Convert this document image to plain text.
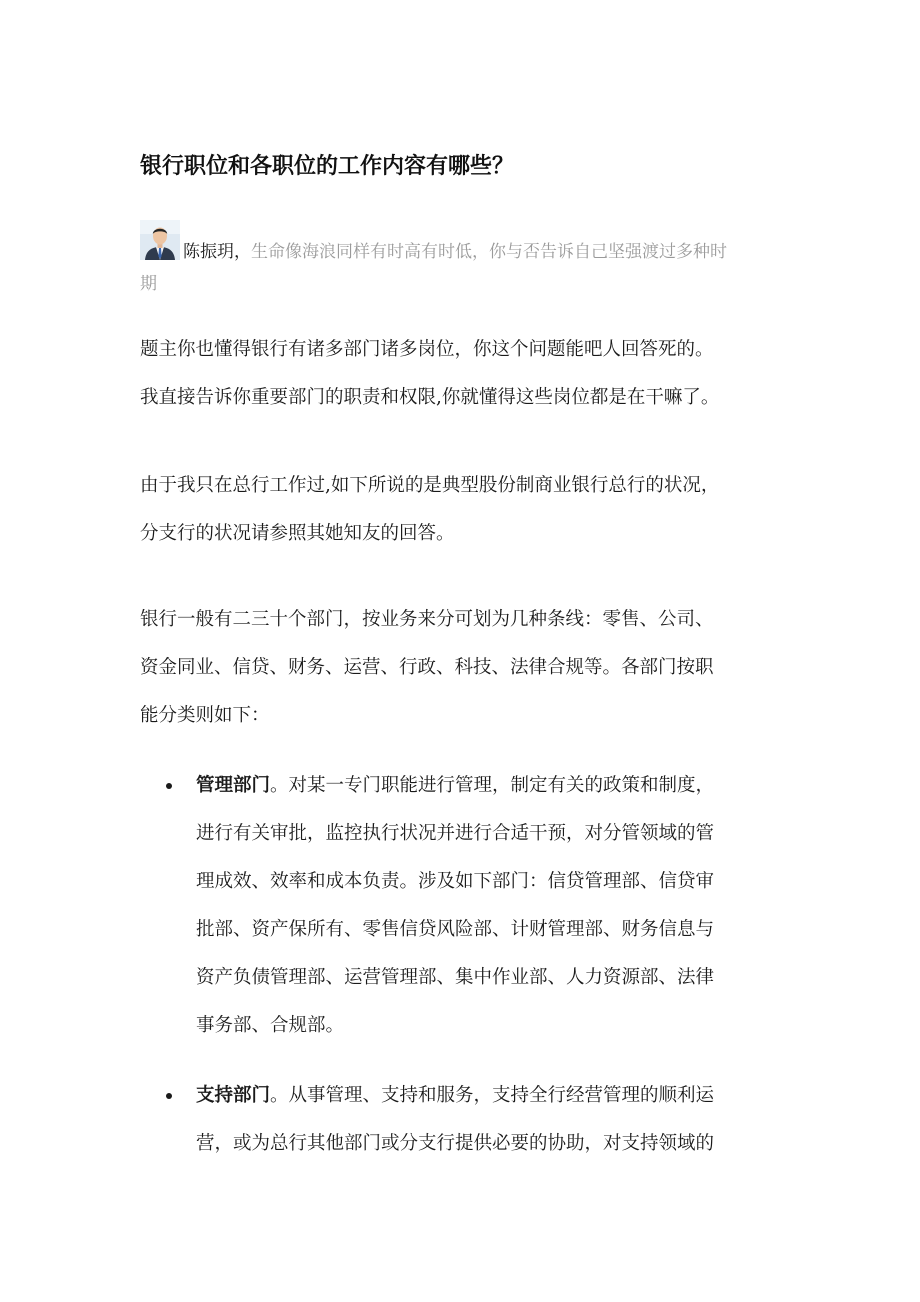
银行职位和各职位的工作内容有哪些？
陈振玥，生命像海浪同样有时高有时低，你与否告诉自己坚强渡过多种时
期

题主你也懂得银行有诸多部门诸多岗位，你这个问题能吧人回答死的。
我直接告诉你重要部门的职责和权限,你就懂得这些岗位都是在干嘛了。

由于我只在总行工作过,如下所说的是典型股份制商业银行总行的状况，
分支行的状况请参照其她知友的回答。

银行一般有二三十个部门，按业务来分可划为几种条线：零售、公司、
资金同业、信贷、财务、运营、行政、科技、法律合规等。各部门按职
能分类则如下：

管理部门。对某一专门职能进行管理，制定有关的政策和制度，
进行有关审批，监控执行状况并进行合适干预，对分管领域的管
理成效、效率和成本负责。涉及如下部门：信贷管理部、信贷审
批部、资产保所有、零售信贷风险部、计财管理部、财务信息与
资产负债管理部、运营管理部、集中作业部、人力资源部、法律
事务部、合规部。
支持部门。从事管理、支持和服务，支持全行经营管理的顺利运
营，或为总行其他部门或分支行提供必要的协助，对支持领域的
